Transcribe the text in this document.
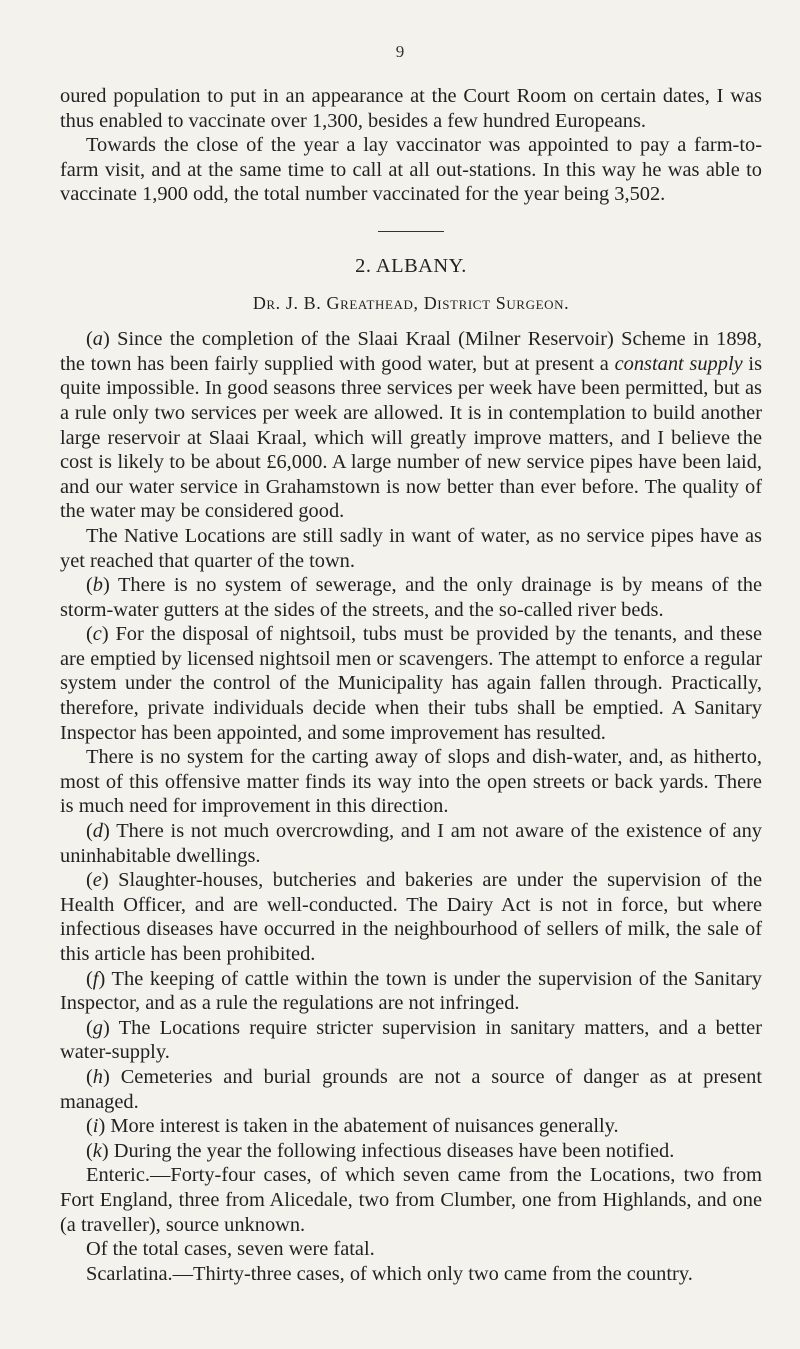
9

oured population to put in an appearance at the Court Room on certain dates, I was thus enabled to vaccinate over 1,300, besides a few hundred Europeans.

Towards the close of the year a lay vaccinator was appointed to pay a farm-to-farm visit, and at the same time to call at all out-stations. In this way he was able to vaccinate 1,900 odd, the total number vaccinated for the year being 3,502.

2. ALBANY.
Dr. J. B. Greathead, District Surgeon.

(a) Since the completion of the Slaai Kraal (Milner Reservoir) Scheme in 1898, the town has been fairly supplied with good water, but at present a constant supply is quite impossible. In good seasons three services per week have been permitted, but as a rule only two services per week are allowed. It is in contemplation to build another large reservoir at Slaai Kraal, which will greatly improve matters, and I believe the cost is likely to be about £6,000. A large number of new service pipes have been laid, and our water service in Grahamstown is now better than ever before. The quality of the water may be considered good.

The Native Locations are still sadly in want of water, as no service pipes have as yet reached that quarter of the town.

(b) There is no system of sewerage, and the only drainage is by means of the storm-water gutters at the sides of the streets, and the so-called river beds.

(c) For the disposal of nightsoil, tubs must be provided by the tenants, and these are emptied by licensed nightsoil men or scavengers. The attempt to enforce a regular system under the control of the Municipality has again fallen through. Practically, therefore, private individuals decide when their tubs shall be emptied. A Sanitary Inspector has been appointed, and some improvement has resulted.

There is no system for the carting away of slops and dish-water, and, as hitherto, most of this offensive matter finds its way into the open streets or back yards. There is much need for improvement in this direction.

(d) There is not much overcrowding, and I am not aware of the existence of any uninhabitable dwellings.

(e) Slaughter-houses, butcheries and bakeries are under the supervision of the Health Officer, and are well-conducted. The Dairy Act is not in force, but where infectious diseases have occurred in the neighbourhood of sellers of milk, the sale of this article has been prohibited.

(f) The keeping of cattle within the town is under the supervision of the Sanitary Inspector, and as a rule the regulations are not infringed.

(g) The Locations require stricter supervision in sanitary matters, and a better water-supply.

(h) Cemeteries and burial grounds are not a source of danger as at present managed.

(i) More interest is taken in the abatement of nuisances generally.

(k) During the year the following infectious diseases have been notified.

Enteric.—Forty-four cases, of which seven came from the Locations, two from Fort England, three from Alicedale, two from Clumber, one from Highlands, and one (a traveller), source unknown.

Of the total cases, seven were fatal.

Scarlatina.—Thirty-three cases, of which only two came from the country.
